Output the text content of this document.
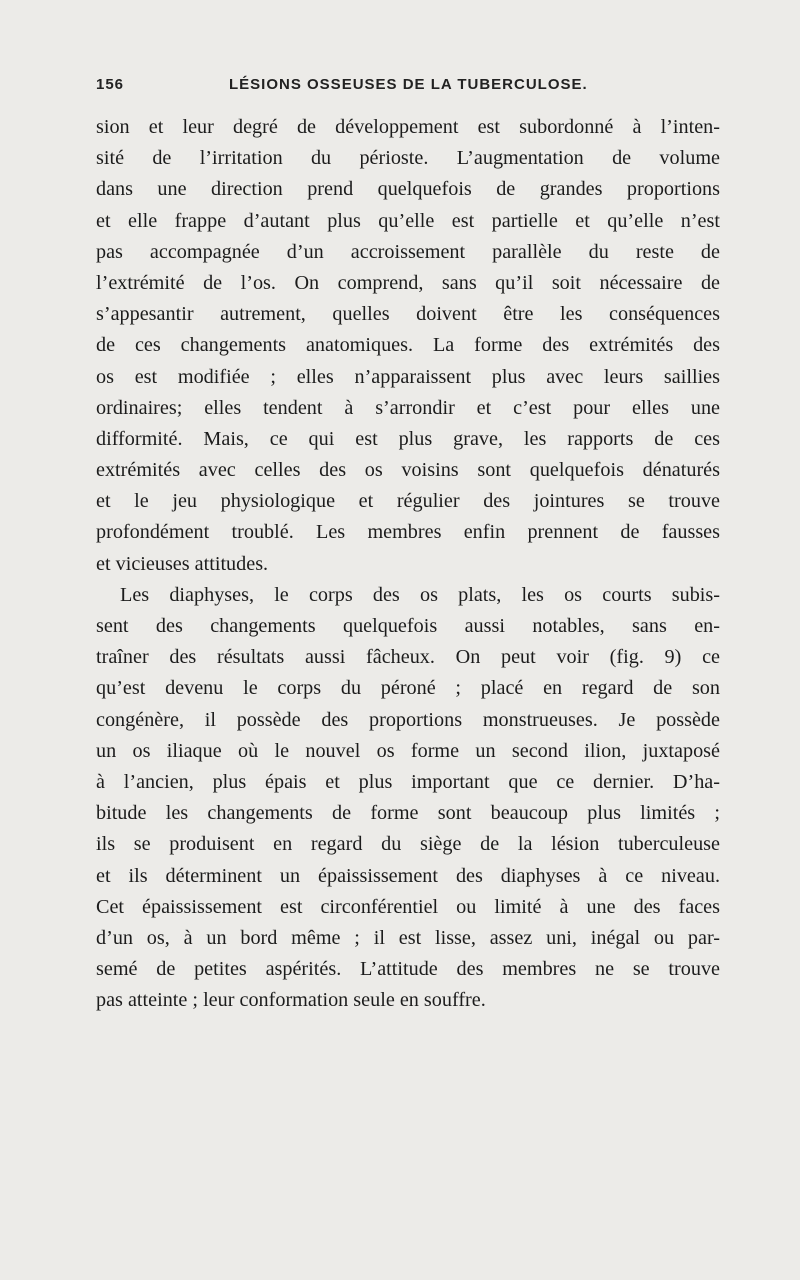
156	LÉSIONS OSSEUSES DE LA TUBERCULOSE.
sion et leur degré de développement est subordonné à l’inten-
sité de l’irritation du périoste. L’augmentation de volume
dans une direction prend quelquefois de grandes proportions
et elle frappe d’autant plus qu’elle est partielle et qu’elle n’est
pas accompagnée d’un accroissement parallèle du reste de
l’extrémité de l’os. On comprend, sans qu’il soit nécessaire de
s’appesantir autrement, quelles doivent être les conséquences
de ces changements anatomiques. La forme des extrémités des
os est modifiée ; elles n’apparaissent plus avec leurs saillies
ordinaires; elles tendent à s’arrondir et c’est pour elles une
difformité. Mais, ce qui est plus grave, les rapports de ces
extrémités avec celles des os voisins sont quelquefois dénaturés
et le jeu physiologique et régulier des jointures se trouve
profondément troublé. Les membres enfin prennent de fausses
et vicieuses attitudes.
Les diaphyses, le corps des os plats, les os courts subis-
sent des changements quelquefois aussi notables, sans en-
traîner des résultats aussi fâcheux. On peut voir (fig. 9) ce
qu’est devenu le corps du péroné ; placé en regard de son
congénère, il possède des proportions monstrueuses. Je possède
un os iliaque où le nouvel os forme un second ilion, juxtaposé
à l’ancien, plus épais et plus important que ce dernier. D’ha-
bitude les changements de forme sont beaucoup plus limités ;
ils se produisent en regard du siège de la lésion tuberculeuse
et ils déterminent un épaississement des diaphyses à ce niveau.
Cet épaississement est circonférentiel ou limité à une des faces
d’un os, à un bord même ; il est lisse, assez uni, inégal ou par-
semé de petites aspérités. L’attitude des membres ne se trouve
pas atteinte ; leur conformation seule en souffre.
